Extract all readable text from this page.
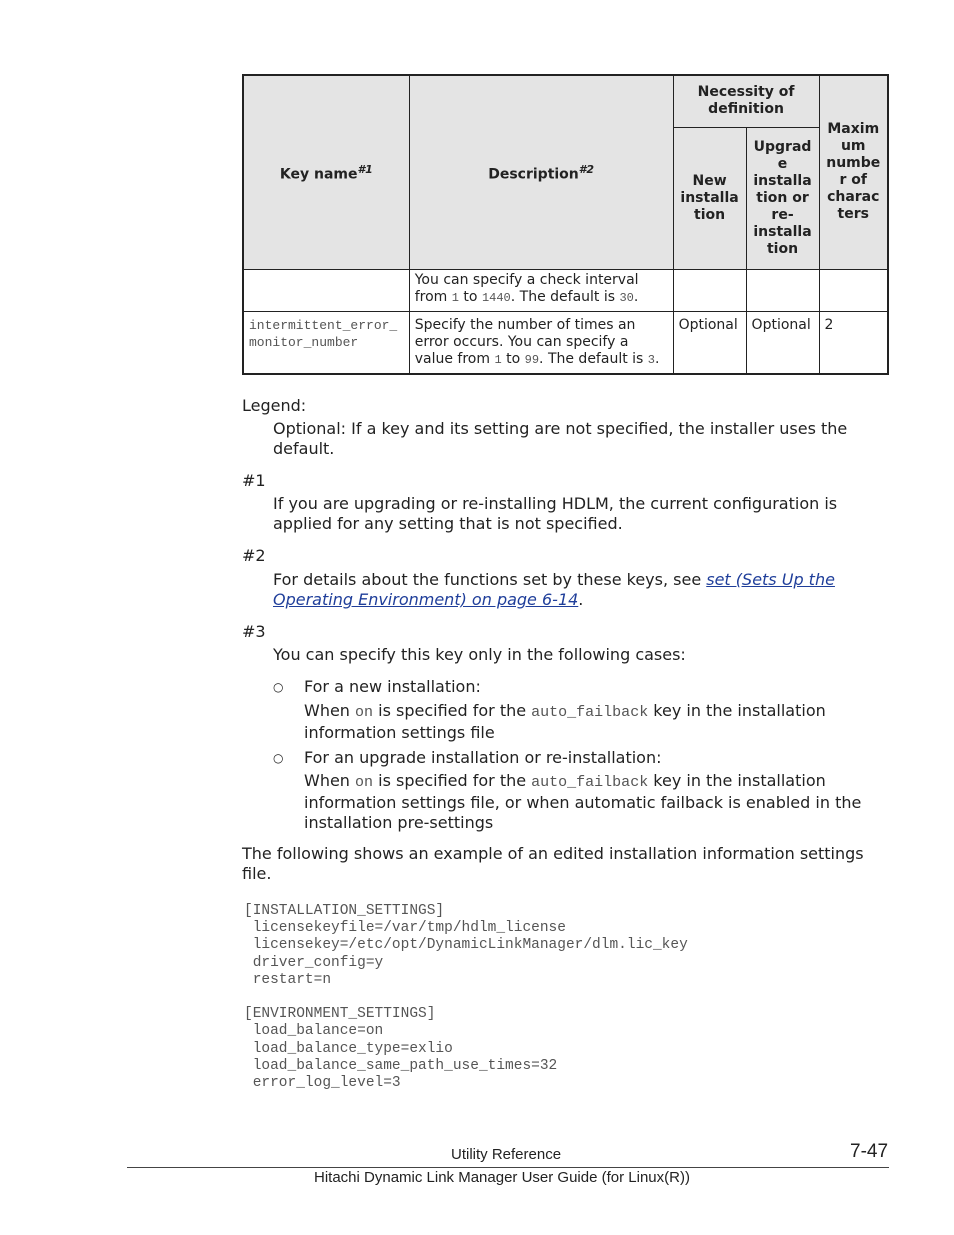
Key name$^{\#1}$	Description$^{\#2}$	Necessity of definition		Maxim um numbe r of charac ters
		New installa tion	Upgrad e installa tion or re- installa tion	
	You can specify a check interval from 1 to 1440. The default is 30.			
intermittent_error_monitor_number	Specify the number of times an error occurs. You can specify a value from 1 to 99. The default is 3.	Optional	Optional	2
Legend:
Optional: If a key and its setting are not specified, the installer uses the default.
#1
If you are upgrading or re-installing HDLM, the current configuration is applied for any setting that is not specified.
#2
For details about the functions set by these keys, see set (Sets Up the Operating Environment) on page 6-14.
#3
You can specify this key only in the following cases:
○ For a new installation:
When on is specified for the auto_failback key in the installation information settings file
○ For an upgrade installation or re-installation:
When on is specified for the auto_failback key in the installation information settings file, or when automatic failback is enabled in the installation pre-settings
The following shows an example of an edited installation information settings file.
[INSTALLATION_SETTINGS]
licensekeyfile=/var/tmp/hdlm_license
licensekey=/etc/opt/DynamicLinkManager/dlm.lic_key
driver_config=y
restart=n

[ENVIRONMENT_SETTINGS]
load_balance=on
load_balance_type=exlio
load_balance_same_path_use_times=32
error_log_level=3
Utility Reference	7-47
Hitachi Dynamic Link Manager User Guide (for Linux(R))
